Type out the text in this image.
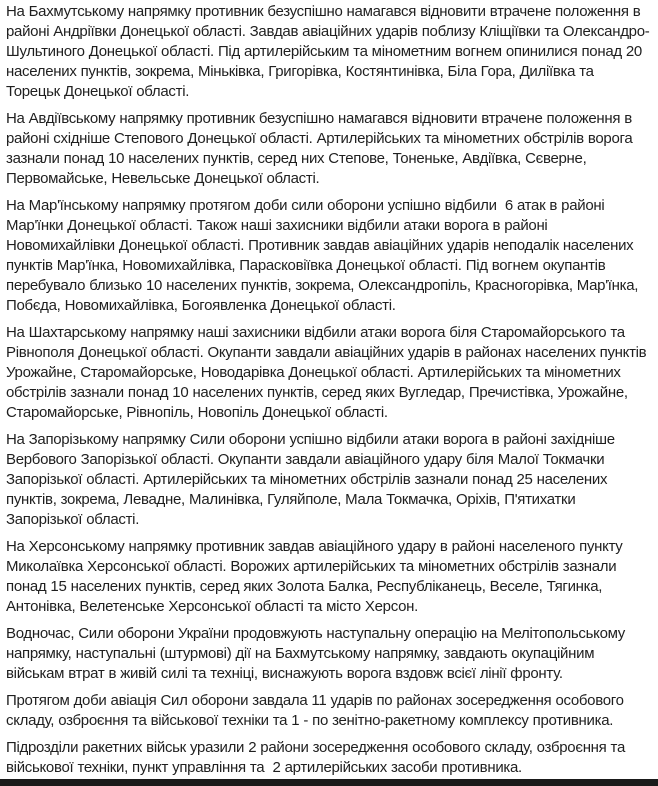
На Бахмутському напрямку противник безуспішно намагався відновити втрачене положення в районі Андріївки Донецької області. Завдав авіаційних ударів поблизу Кліщіївки та Олександро-Шультиного Донецької області. Під артилерійським та мінометним вогнем опинилися понад 20 населених пунктів, зокрема, Міньківка, Григорівка, Костянтинівка, Біла Гора, Диліївка та Торецьк Донецької області.

На Авдіївському напрямку противник безуспішно намагався відновити втрачене положення в районі східніше Степового Донецької області. Артилерійських та мінометних обстрілів ворога зазнали понад 10 населених пунктів, серед них Степове, Тоненьке, Авдіївка, Сєверне, Первомайське, Невельське Донецької області.

На Мар'їнському напрямку протягом доби сили оборони успішно відбили  6 атак в районі Мар'їнки Донецької області. Також наші захисники відбили атаки ворога в районі Новомихайлівки Донецької області. Противник завдав авіаційних ударів неподалік населених пунктів Мар'їнка, Новомихайлівка, Парасковіївка Донецької області. Під вогнем окупантів перебувало близько 10 населених пунктів, зокрема, Олександропіль, Красногорівка, Мар'їнка, Побєда, Новомихайлівка, Богоявленка Донецької області.

На Шахтарському напрямку наші захисники відбили атаки ворога біля Старомайорського та Рівнополя Донецької області. Окупанти завдали авіаційних ударів в районах населених пунктів Урожайне, Старомайорське, Новодарівка Донецької області. Артилерійських та мінометних обстрілів зазнали понад 10 населених пунктів, серед яких Вугледар, Пречистівка, Урожайне, Старомайорське, Рівнопіль, Новопіль Донецької області.

На Запорізькому напрямку Сили оборони успішно відбили атаки ворога в районі західніше Вербового Запорізької області. Окупанти завдали авіаційного удару біля Малої Токмачки Запорізької області. Артилерійських та мінометних обстрілів зазнали понад 25 населених пунктів, зокрема, Левадне, Малинівка, Гуляйполе, Мала Токмачка, Оріхів, П'ятихатки Запорізької області.

На Херсонському напрямку противник завдав авіаційного удару в районі населеного пункту Миколаївка Херсонської області. Ворожих артилерійських та мінометних обстрілів зазнали понад 15 населених пунктів, серед яких Золота Балка, Республіканець, Веселе, Тягинка, Антонівка, Велетенське Херсонської області та місто Херсон.

Водночас, Сили оборони України продовжують наступальну операцію на Мелітопольському напрямку, наступальні (штурмові) дії на Бахмутському напрямку, завдають окупаційним військам втрат в живій силі та техніці, виснажують ворога вздовж всієї лінії фронту.

Протягом доби авіація Сил оборони завдала 11 ударів по районах зосередження особового складу, озброєння та військової техніки та 1 - по зенітно-ракетному комплексу противника.

Підрозділи ракетних військ уразили 2 райони зосередження особового складу, озброєння та військової техніки, пункт управління та  2 артилерійських засоби противника.
